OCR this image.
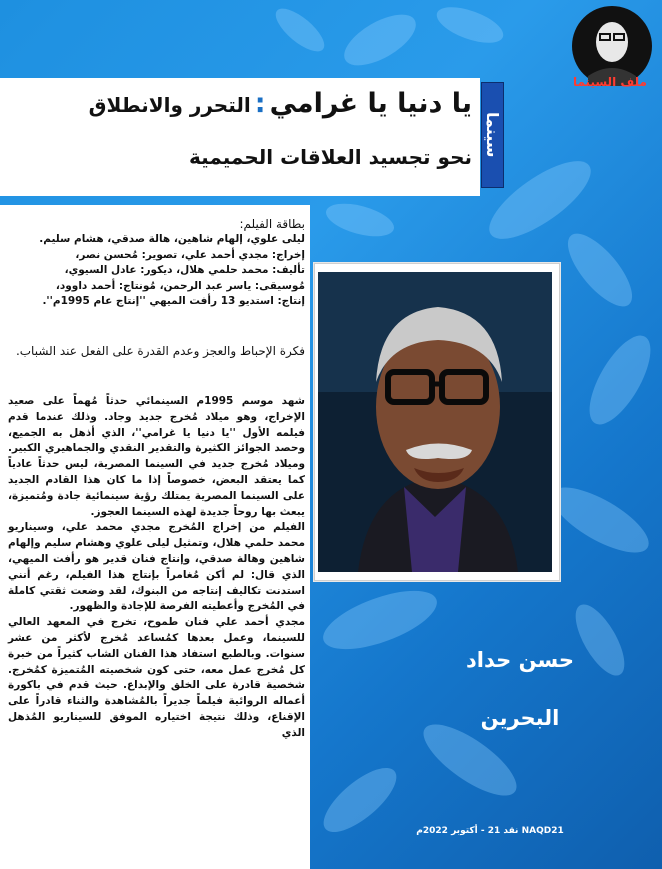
ملف السينما
سينما
يا دنيا يا غرامي:التحرر والانطلاق
نحو تجسيد العلاقات الحميمية
بطاقة الفيلم:
ليلى علوي، إلهام شاهين، هالة صدقي، هشام سليم.
إخراج: مجدي أحمد علي، تصوير: مُحسن نصر،
تأليف: محمد حلمي هلال، ديكور: عادل السيوي،
مُوسيقى: ياسر عبد الرحمن، مُونتاج: أحمد داوود،
إنتاج: استديو 13 رأفت الميهي ''إنتاج عام 1995م''.
فكرة الإحباط والعجز وعدم القدرة على الفعل عند الشباب.

شهد موسم 1995م السينمائي حدثاً مُهماً على صعيد الإخراج، وهو ميلاد مُخرج جديد وجاد. وذلك عندما قدم فيلمه الأول ''يا دنيا يا غرامي''، الذي أذهل به الجميع، وحصد الجوائز الكثيرة والتقدير النقدي والجماهيري الكبير. وميلاد مُخرج جديد في السينما المصرية، ليس حدثاً عادياً كما يعتقد البعض، خصوصاً إذا ما كان هذا القادم الجديد على السينما المصرية يمتلك رؤية سينمائية جادة ومُتميزة، يبعث بها روحاً جديدة لهذه السينما العجوز.

الفيلم من إخراج المُخرج مجدي محمد علي، وسيناريو محمد حلمي هلال، وتمثيل ليلى علوي وهشام سليم وإلهام شاهين وهالة صدقي، وإنتاج فنان قدير هو رأفت الميهي، الذي قال: لم أكن مُغامراً بإنتاج هذا الفيلم، رغم أنني استدنت تكاليف إنتاجه من البنوك، لقد وضعت ثقتي كاملة في المُخرج وأعطيته الفرصة للإجادة والظهور.

مجدي أحمد علي فنان طموح، تخرج في المعهد العالي للسينما، وعمل بعدها كمُساعد مُخرج لأكثر من عشر سنوات. وبالطبع استفاد هذا الفنان الشاب كثيراً من خبرة كل مُخرج عمل معه، حتى كون شخصيته المُتميزة كمُخرج. شخصية قادرة على الخلق والإبداع. حيث قدم في باكورة أعماله الروائية فيلماً جديراً بالمُشاهدة والثناء قادراً على الإقناع، وذلك نتيجة اختياره الموفق للسيناريو المُذهل الذي

حسن حداد
البحرين
نقد 21 - أكتوبر 2022م NAQD21
